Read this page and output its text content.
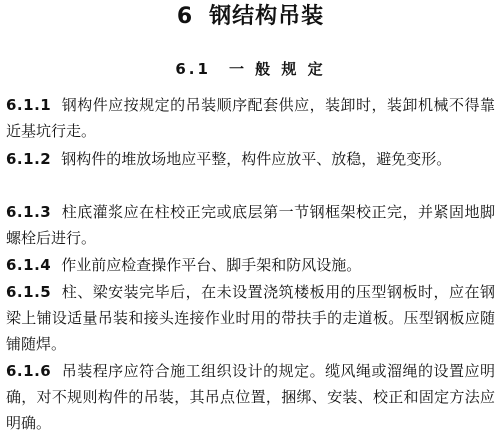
6 钢结构吊装
6.1 一 般 规 定
6.1.1 钢构件应按规定的吊装顺序配套供应，装卸时，装卸机械不得靠近基坑行走。
6.1.2 钢构件的堆放场地应平整，构件应放平、放稳，避免变形。
6.1.3 柱底灌浆应在柱校正完或底层第一节钢框架校正完，并紧固地脚螺栓后进行。
6.1.4 作业前应检查操作平台、脚手架和防风设施。
6.1.5 柱、梁安装完毕后，在未设置浇筑楼板用的压型钢板时，应在钢梁上铺设适量吊装和接头连接作业时用的带扶手的走道板。压型钢板应随铺随焊。
6.1.6 吊装程序应符合施工组织设计的规定。缆风绳或溜绳的设置应明确，对不规则构件的吊装，其吊点位置，捆绑、安装、校正和固定方法应明确。
